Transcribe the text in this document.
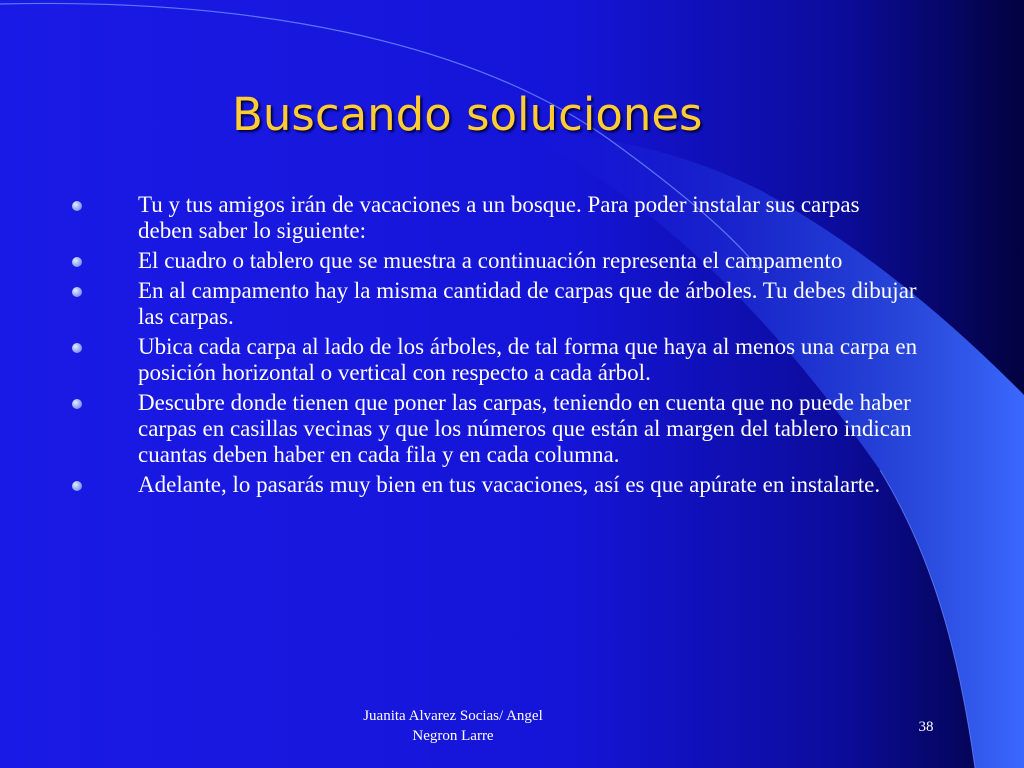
Buscando soluciones
Tu y tus amigos irán de vacaciones a un bosque. Para poder instalar sus carpas deben saber lo siguiente:
El cuadro o tablero que se muestra a continuación representa el campamento
En al campamento hay la misma cantidad de carpas que de árboles. Tu debes dibujar las carpas.
Ubica cada carpa al lado de los árboles, de tal forma que haya al menos una carpa en posición horizontal o vertical con respecto a cada árbol.
Descubre donde tienen que poner las carpas, teniendo en cuenta que no puede haber carpas en casillas vecinas y que los números que están al margen del tablero indican cuantas deben haber en cada fila y en cada columna.
Adelante, lo pasarás muy bien en tus vacaciones, así es que apúrate en instalarte.
Juanita Alvarez Socias/ Angel Negron Larre
38
